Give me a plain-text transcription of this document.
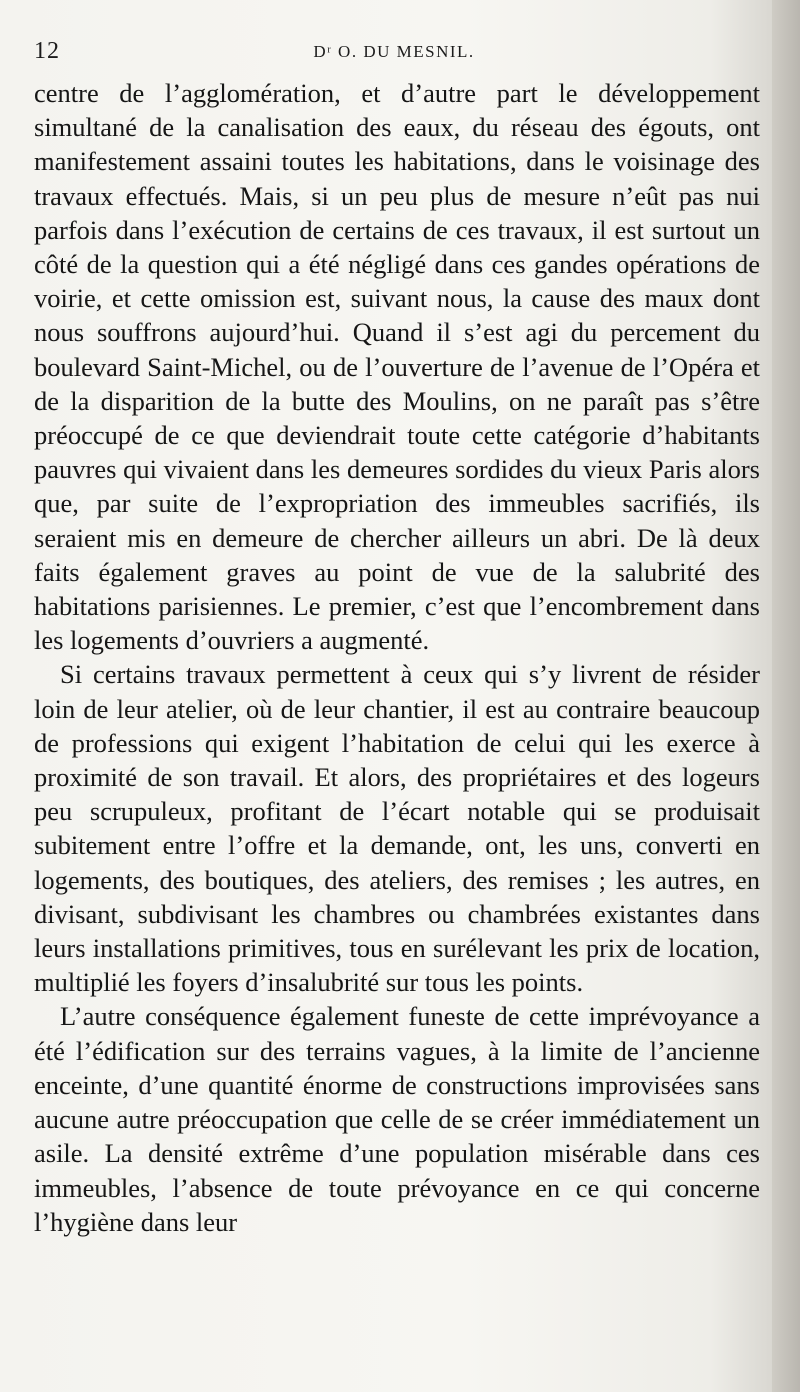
12	Dʳ O. DU MESNIL.

centre de l’agglomération, et d’autre part le développement simultané de la canalisation des eaux, du réseau des égouts, ont manifestement assaini toutes les habitations, dans le voisinage des travaux effectués. Mais, si un peu plus de mesure n’eût pas nui parfois dans l’exécution de certains de ces travaux, il est surtout un côté de la question qui a été négligé dans ces gandes opérations de voirie, et cette omission est, suivant nous, la cause des maux dont nous souffrons aujourd’hui. Quand il s’est agi du percement du boulevard Saint-Michel, ou de l’ouverture de l’avenue de l’Opéra et de la disparition de la butte des Moulins, on ne paraît pas s’être préoccupé de ce que deviendrait toute cette catégorie d’habitants pauvres qui vivaient dans les demeures sordides du vieux Paris alors que, par suite de l’expropriation des immeubles sacrifiés, ils seraient mis en demeure de chercher ailleurs un abri. De là deux faits également graves au point de vue de la salubrité des habitations parisiennes. Le premier, c’est que l’encombrement dans les logements d’ouvriers a augmenté.

Si certains travaux permettent à ceux qui s’y livrent de résider loin de leur atelier, où de leur chantier, il est au contraire beaucoup de professions qui exigent l’habitation de celui qui les exerce à proximité de son travail. Et alors, des propriétaires et des logeurs peu scrupuleux, profitant de l’écart notable qui se produisait subitement entre l’offre et la demande, ont, les uns, converti en logements, des boutiques, des ateliers, des remises ; les autres, en divisant, subdivisant les chambres ou chambrées existantes dans leurs installations primitives, tous en surélevant les prix de location, multiplié les foyers d’insalubrité sur tous les points.

L’autre conséquence également funeste de cette imprévoyance a été l’édification sur des terrains vagues, à la limite de l’ancienne enceinte, d’une quantité énorme de constructions improvisées sans aucune autre préoccupation que celle de se créer immédiatement un asile. La densité extrême d’une population misérable dans ces immeubles, l’absence de toute prévoyance en ce qui concerne l’hygiène dans leur
